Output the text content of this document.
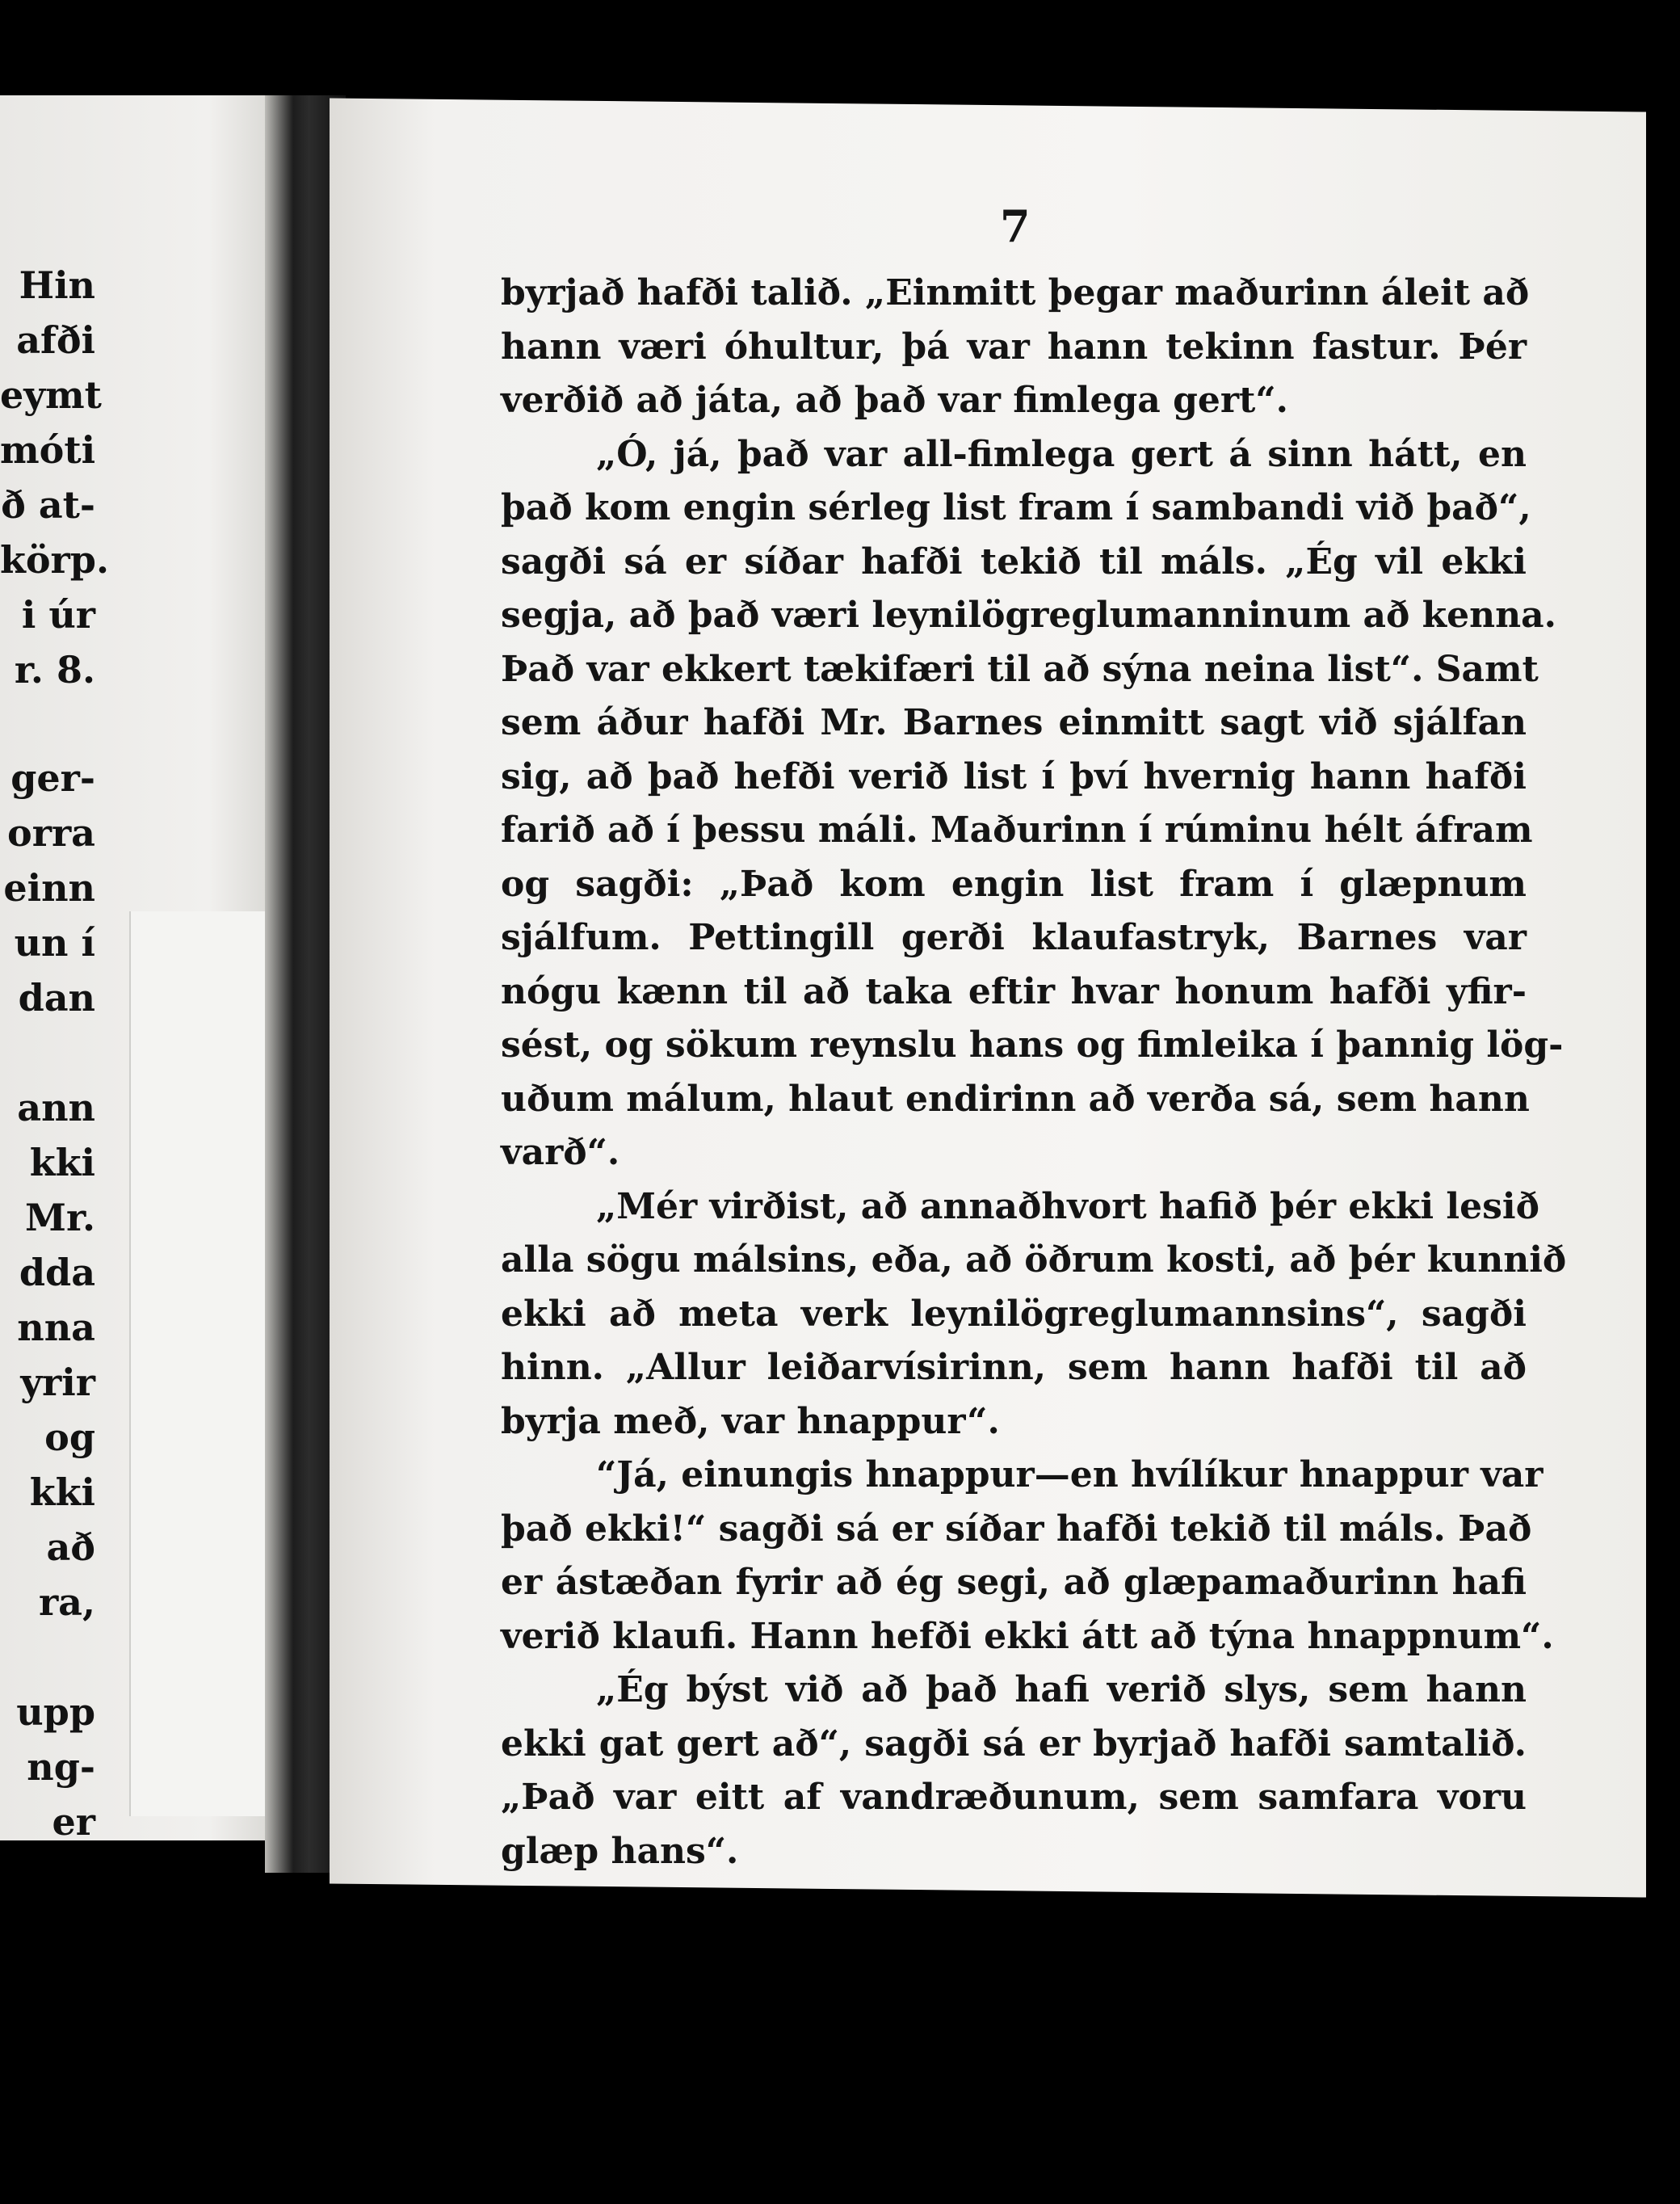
Hin
afði
eymt
móti
ð at-
körp.
i úr
r. 8.
ger-
orra
einn
un í
dan
ann
kki
Mr.
dda
nna
yrir
og
kki
að
ra,
upp
ng-
er
7
byrjað hafði talið. „Einmitt þegar maðurinn áleit að
hann væri óhultur, þá var hann tekinn fastur. Þér
verðið að játa, að það var fimlega gert“.
„Ó, já, það var all-fimlega gert á sinn hátt, en
það kom engin sérleg list fram í sambandi við það“,
sagði sá er síðar hafði tekið til máls. „Ég vil ekki
segja, að það væri leynilögreglumanninum að kenna.
Það var ekkert tækifæri til að sýna neina list“. Samt
sem áður hafði Mr. Barnes einmitt sagt við sjálfan
sig, að það hefði verið list í því hvernig hann hafði
farið að í þessu máli. Maðurinn í rúminu hélt áfram
og sagði: „Það kom engin list fram í glæpnum
sjálfum. Pettingill gerði klaufastryk, Barnes var
nógu kænn til að taka eftir hvar honum hafði yfir-
sést, og sökum reynslu hans og fimleika í þannig lög-
uðum málum, hlaut endirinn að verða sá, sem hann
varð“.
„Mér virðist, að annaðhvort hafið þér ekki lesið
alla sögu málsins, eða, að öðrum kosti, að þér kunnið
ekki að meta verk leynilögreglumannsins“, sagði
hinn. „Allur leiðarvísirinn, sem hann hafði til að
byrja með, var hnappur“.
“Já, einungis hnappur—en hvílíkur hnappur var
það ekki!“ sagði sá er síðar hafði tekið til máls. Það
er ástæðan fyrir að ég segi, að glæpamaðurinn hafi
verið klaufi. Hann hefði ekki átt að týna hnappnum“.
„Ég býst við að það hafi verið slys, sem hann
ekki gat gert að“, sagði sá er byrjað hafði samtalið.
„Það var eitt af vandræðunum, sem samfara voru
glæp hans“.
